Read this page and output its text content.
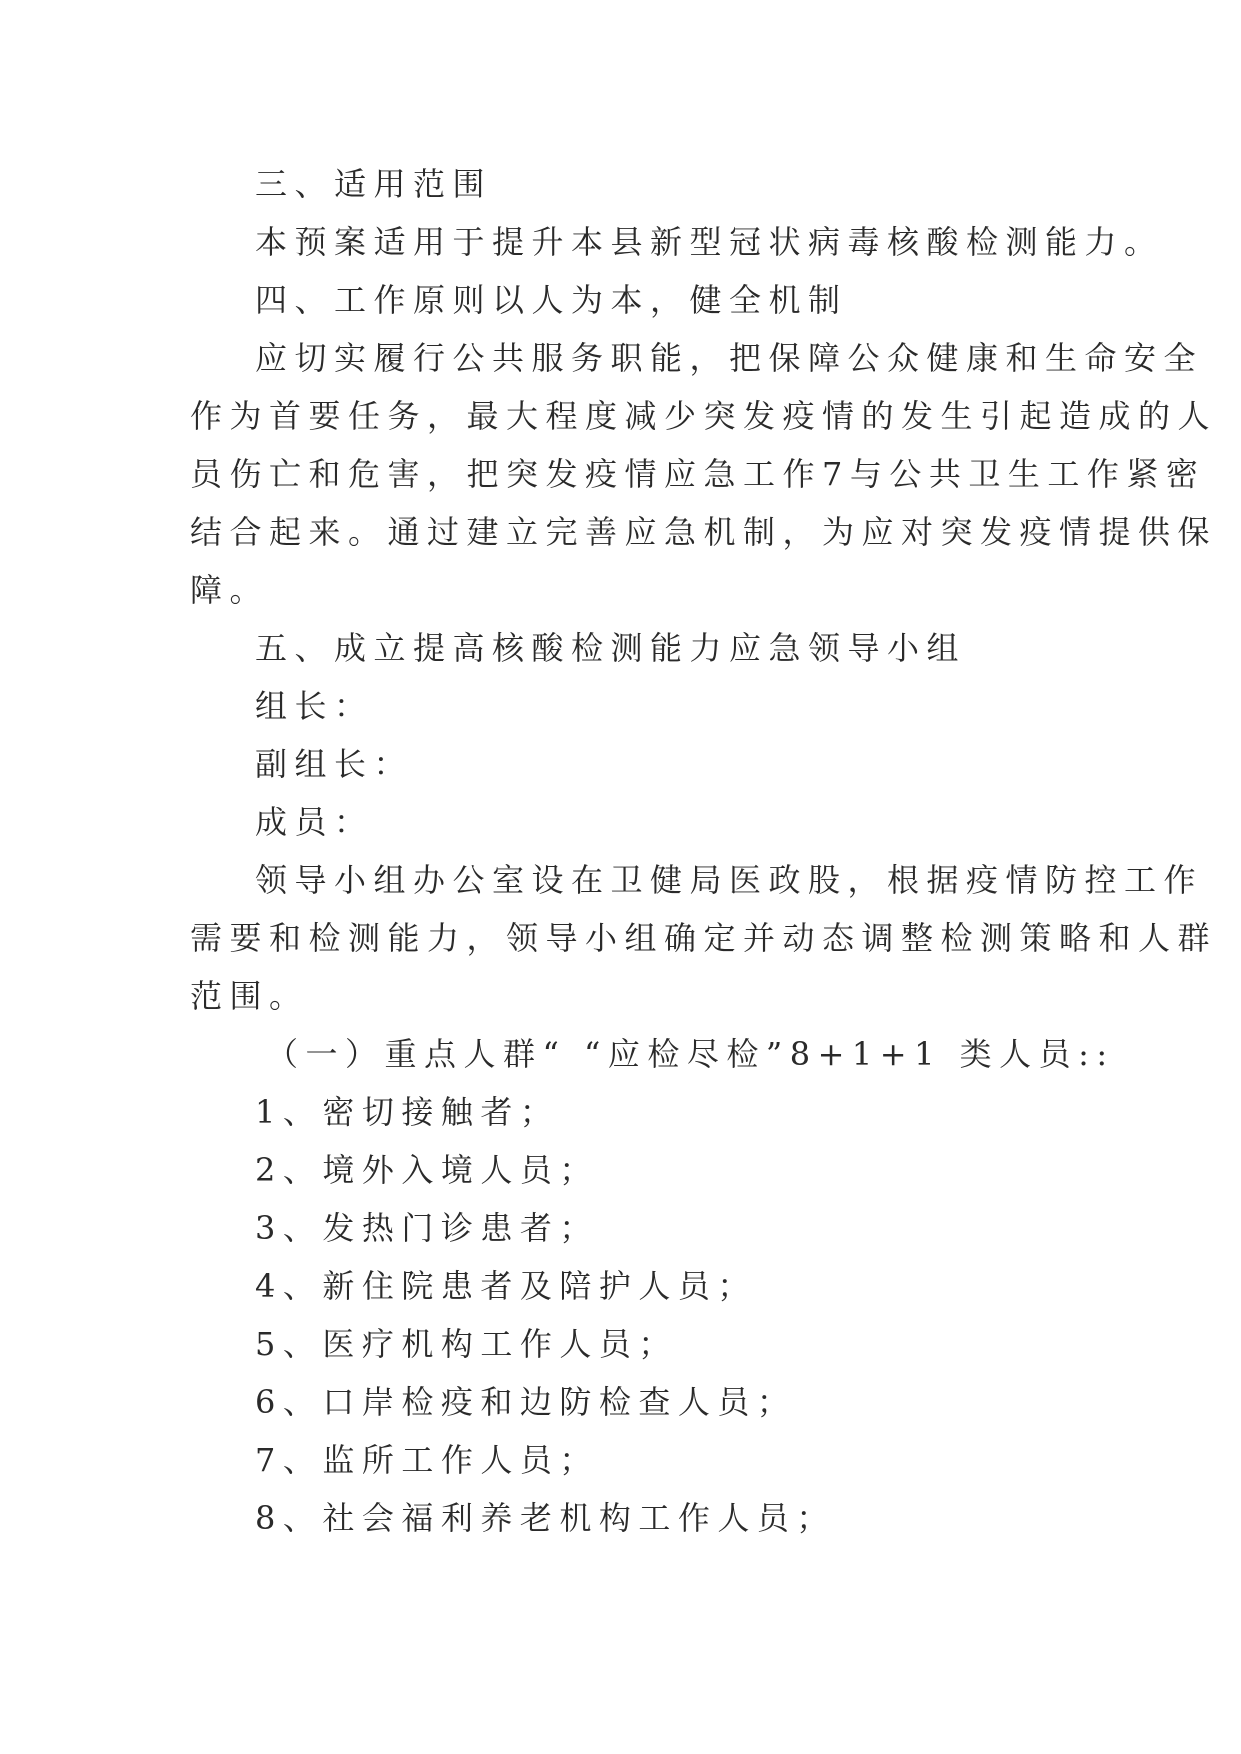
三、适用范围
本预案适用于提升本县新型冠状病毒核酸检测能力。
四、工作原则以人为本，健全机制
应切实履行公共服务职能，把保障公众健康和生命安全
作为首要任务，最大程度减少突发疫情的发生引起造成的人
员伤亡和危害，把突发疫情应急工作7与公共卫生工作紧密
结合起来。通过建立完善应急机制，为应对突发疫情提供保
障。
五、成立提高核酸检测能力应急领导小组
组长：
副组长：
成员：
领导小组办公室设在卫健局医政股，根据疫情防控工作
需要和检测能力，领导小组确定并动态调整检测策略和人群
范围。
（一）重点人群“ “应检尽检”8+1+1 类人员::
1、密切接触者；
2、境外入境人员；
3、发热门诊患者；
4、新住院患者及陪护人员；
5、医疗机构工作人员；
6、口岸检疫和边防检查人员；
7、监所工作人员；
8、社会福利养老机构工作人员；
